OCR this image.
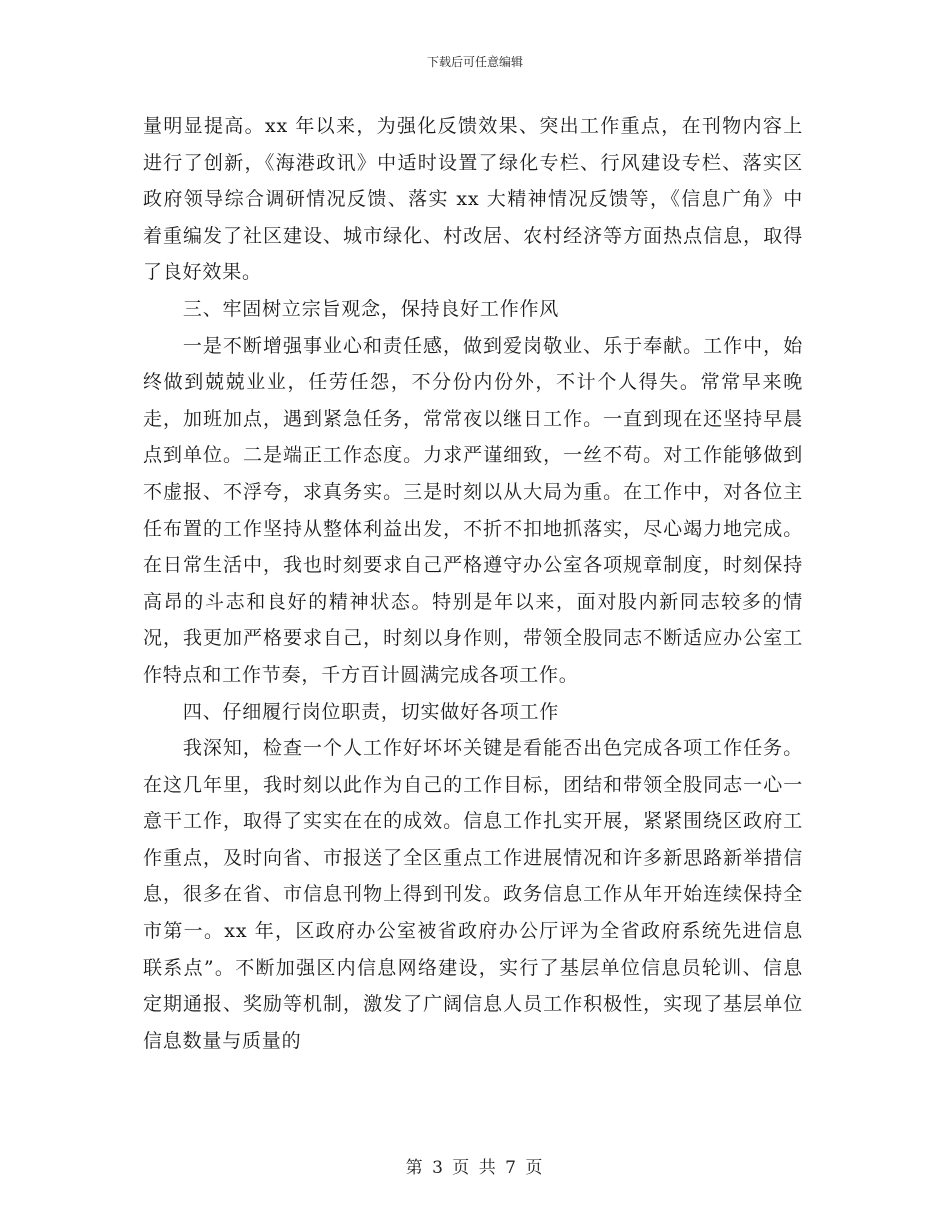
下载后可任意编辑

量明显提高。xx 年以来，为强化反馈效果、突出工作重点，在刊物内容上进行了创新，《海港政讯》中适时设置了绿化专栏、行风建设专栏、落实区政府领导综合调研情况反馈、落实 xx 大精神情况反馈等，《信息广角》中着重编发了社区建设、城市绿化、村改居、农村经济等方面热点信息，取得了良好效果。

三、牢固树立宗旨观念，保持良好工作作风

一是不断增强事业心和责任感，做到爱岗敬业、乐于奉献。工作中，始终做到兢兢业业，任劳任怨，不分份内份外，不计个人得失。常常早来晚走，加班加点，遇到紧急任务，常常夜以继日工作。一直到现在还坚持早晨点到单位。二是端正工作态度。力求严谨细致，一丝不苟。对工作能够做到不虚报、不浮夸，求真务实。三是时刻以从大局为重。在工作中，对各位主任布置的工作坚持从整体利益出发，不折不扣地抓落实，尽心竭力地完成。在日常生活中，我也时刻要求自己严格遵守办公室各项规章制度，时刻保持高昂的斗志和良好的精神状态。特别是年以来，面对股内新同志较多的情况，我更加严格要求自己，时刻以身作则，带领全股同志不断适应办公室工作特点和工作节奏，千方百计圆满完成各项工作。

四、仔细履行岗位职责，切实做好各项工作

我深知，检查一个人工作好坏坏关键是看能否出色完成各项工作任务。在这几年里，我时刻以此作为自己的工作目标，团结和带领全股同志一心一意干工作，取得了实实在在的成效。信息工作扎实开展，紧紧围绕区政府工作重点，及时向省、市报送了全区重点工作进展情况和许多新思路新举措信息，很多在省、市信息刊物上得到刊发。政务信息工作从年开始连续保持全市第一。xx 年，区政府办公室被省政府办公厅评为全省政府系统先进信息联系点”。不断加强区内信息网络建设，实行了基层单位信息员轮训、信息定期通报、奖励等机制，激发了广阔信息人员工作积极性，实现了基层单位信息数量与质量的

第 3 页 共 7 页
